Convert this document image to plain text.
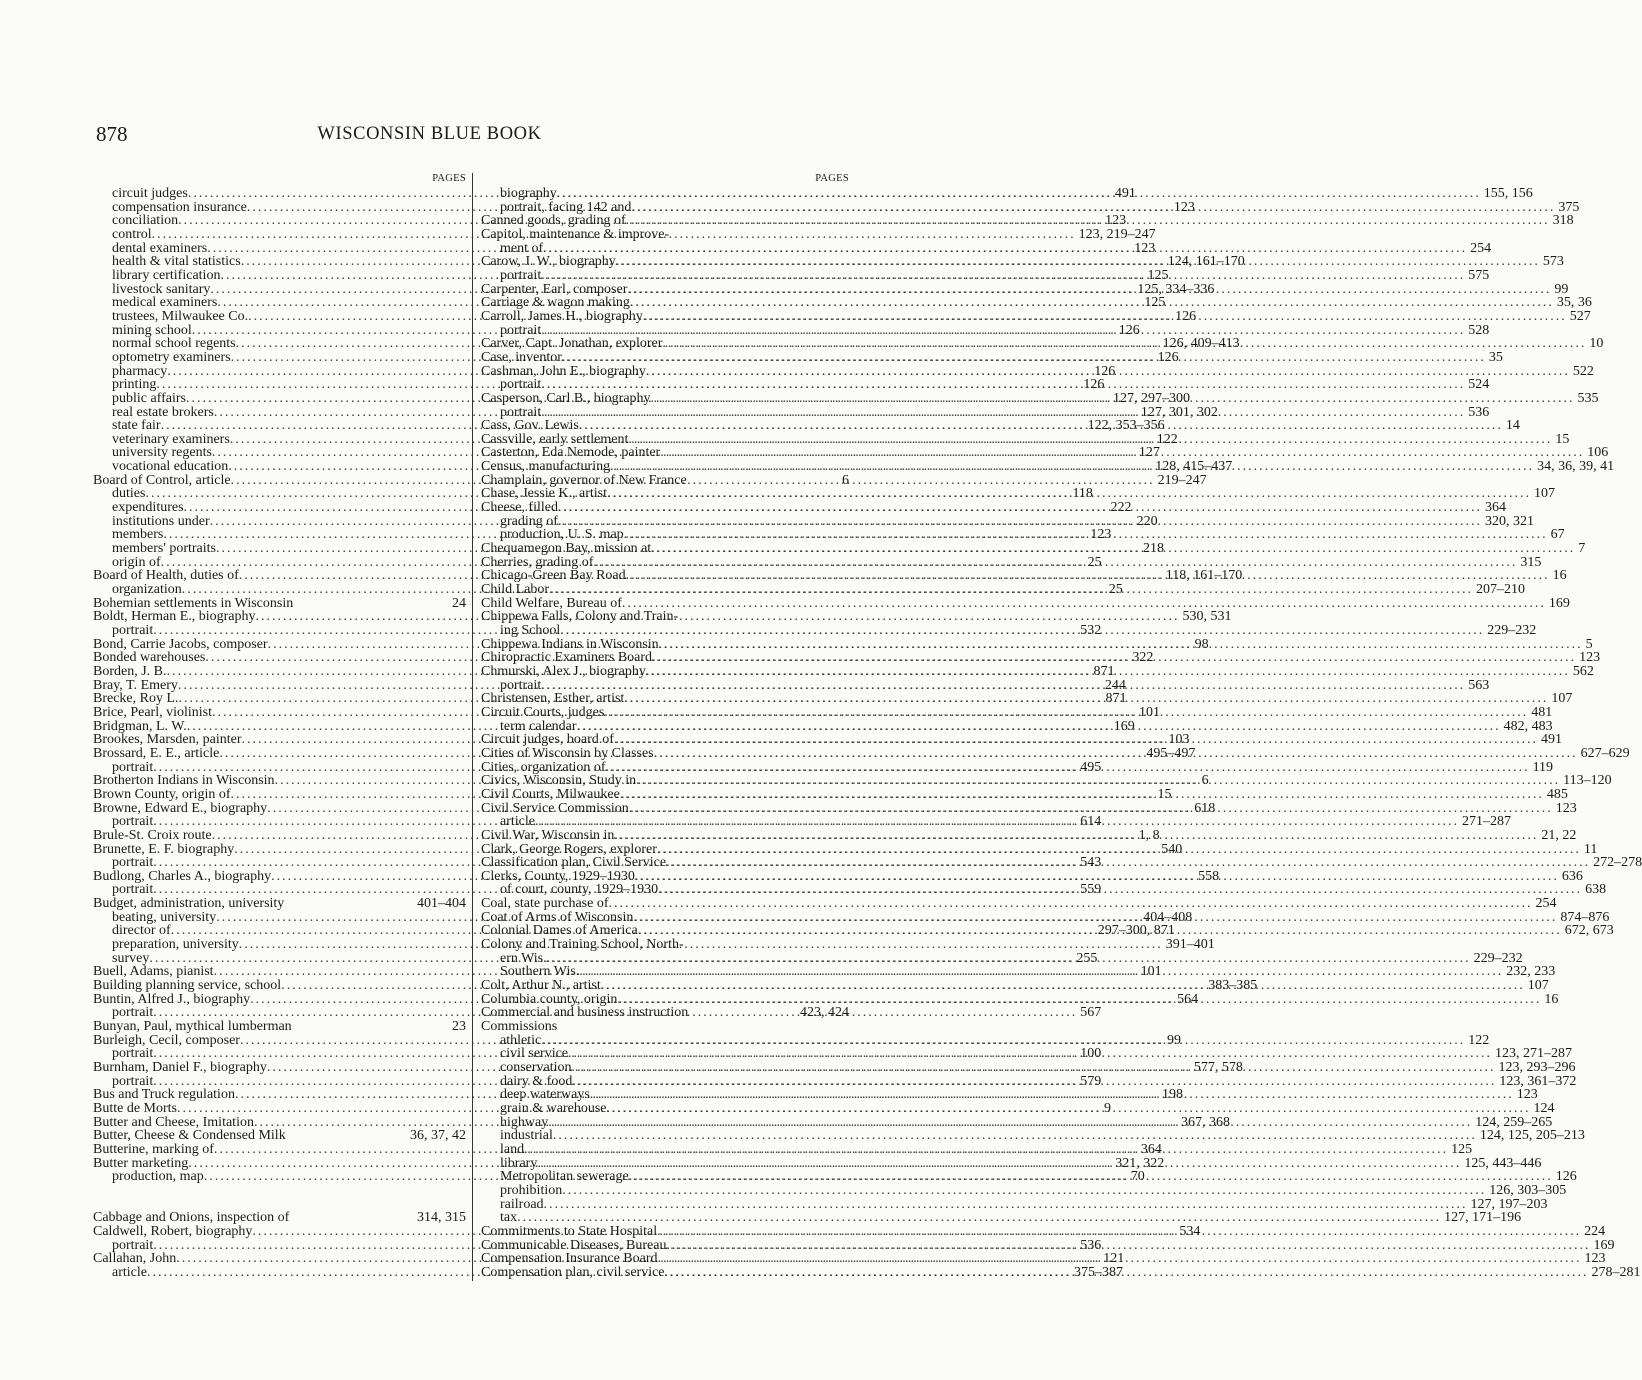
878	WISCONSIN BLUE BOOK
PAGES
circuit judges .....	491
compensation insurance .....	123
conciliation .....	123
control .....	123, 219–247
dental examiners .....	123
health & vital statistics .....	124, 161–170
library certification .....	125
livestock sanitary .....	125, 334–336
medical examiners .....	125
trustees, Milwaukee Co. .....	126
mining school .....	126
normal school regents .....	126, 409–413
optometry examiners .....	126
pharmacy .....	126
printing .....	126
public affairs .....	127, 297–300
real estate brokers .....	127, 301, 302
state fair .....	122, 353–356
veterinary examiners .....	122
university regents .....	127
vocational education .....	128, 415–437
Board of Control, article .....	219–247
duties .....	118
expenditures .....	222
institutions under .....	220
members .....	123
members' portraits .....	218
origin of .....	25
Board of Health, duties of .....	118, 161–170
organization .....	25
Bohemian settlements in Wisconsin	24
Boldt, Herman E., biography .....	530, 531
portrait .....	532
Bond, Carrie Jacobs, composer .....	98
Bonded warehouses .....	322
Borden, J. B. .....	871
Bray, T. Emery .....	244
Brecke, Roy L. .....	871
Brice, Pearl, violinist .....	101
Bridgman, L. W. .....	169
Brookes, Marsden, painter .....	103
Brossard, E. E., article .....	495–497
portrait .....	495
Brotherton Indians in Wisconsin .....	6
Brown County, origin of .....	15
Browne, Edward E., biography .....	618
portrait .....	614
Brule-St. Croix route .....	1, 8
Brunette, E. F. biography .....	540
portrait .....	543
Budlong, Charles A., biography .....	558
portrait .....	559
Budget, administration, university	401–404
beating, university .....	404–408
director of .....	297–300, 871
preparation, university .....	391–401
survey .....	255
Buell, Adams, pianist .....	101
Building planning service, school .....	383–385
Buntin, Alfred J., biography .....	564
portrait .....	567
Bunyan, Paul, mythical lumberman	23
Burleigh, Cecil, composer .....	99
portrait .....	100
Burnham, Daniel F., biography .....	577, 578
portrait .....	579
Bus and Truck regulation .....	198
Butte de Morts .....	9
Butter and Cheese, Imitation .....	367, 368
Butter, Cheese & Condensed Milk	36, 37, 42
Butterine, marking of .....	364
Butter marketing .....	321, 322
production, map .....	70
Cabbage and Onions, inspection of	314, 315
Caldwell, Robert, biography .....	534
portrait .....	536
Callahan, John .....	121
article .....	375–387
PAGES
biography .....	155, 156
portrait, facing 142 and .....	375
Canned goods, grading of .....	318
Capitol, maintenance & improve-
ment of .....	254
Carow, J. W., biography .....	573
portrait .....	575
Carpenter, Earl, composer .....	99
Carriage & wagon making .....	35, 36
Carroll, James H., biography .....	527
portrait .....	528
Carver, Capt. Jonathan, explorer .....	10
Case, inventor .....	35
Cashman, John E., biography .....	522
portrait .....	524
Casperson, Carl B., biography .....	535
portrait .....	536
Cass, Gov. Lewis .....	14
Cassville, early settlement .....	15
Casterton, Eda Nemode, painter .....	106
Census, manufacturing .....	34, 36, 39, 41
Champlain, governor of New France	6
Chase, Jessie K., artist .....	107
Cheese, filled .....	364
grading of .....	320, 321
production, U. S. map .....	67
Chequamegon Bay, mission at .....	7
Cherries, grading of .....	315
Chicago-Green Bay Road .....	16
Child Labor .....	207–210
Child Welfare, Bureau of .....	169
Chippewa Falls, Colony and Train-
ing School .....	229–232
Chippewa Indians in Wisconsin .....	5
Chiropractic Examiners Board .....	123
Chmurski, Alex J., biography .....	562
portrait .....	563
Christensen, Esther, artist .....	107
Circuit Courts, judges .....	481
term calendar .....	482, 483
Circuit judges, board of .....	491
Cities of Wisconsin by Classes .....	627–629
Cities, organization of .....	119
Civics, Wisconsin, Study in .....	113–120
Civil Courts, Milwaukee .....	485
Civil Service Commission .....	123
article .....	271–287
Civil War, Wisconsin in .....	21, 22
Clark, George Rogers, explorer .....	11
Classification plan, Civil Service .....	272–278
Clerks, County, 1929–1930 .....	636
of court, county, 1929–1930 .....	638
Coal, state purchase of .....	254
Coat of Arms of Wisconsin .....	874–876
Colonial Dames of America .....	672, 673
Colony and Training School, North-
ern Wis. .....	229–232
Southern Wis. .....	232, 233
Colt, Arthur N., artist .....	107
Columbia county, origin .....	16
Commercial and business instruction	423, 424
Commissions
athletic .....	122
civil service .....	123, 271–287
conservation .....	123, 293–296
dairy & food .....	123, 361–372
deep waterways .....	123
grain & warehouse .....	124
highway .....	124, 259–265
industrial .....	124, 125, 205–213
land .....	125
library .....	125, 443–446
Metropolitan sewerage .....	126
prohibition .....	126, 303–305
railroad .....	127, 197–203
tax .....	127, 171–196
Commitments to State Hospital .....	224
Communicable Diseases, Bureau .....	169
Compensation Insurance Board .....	123
Compensation plan, civil service .....	278–281
